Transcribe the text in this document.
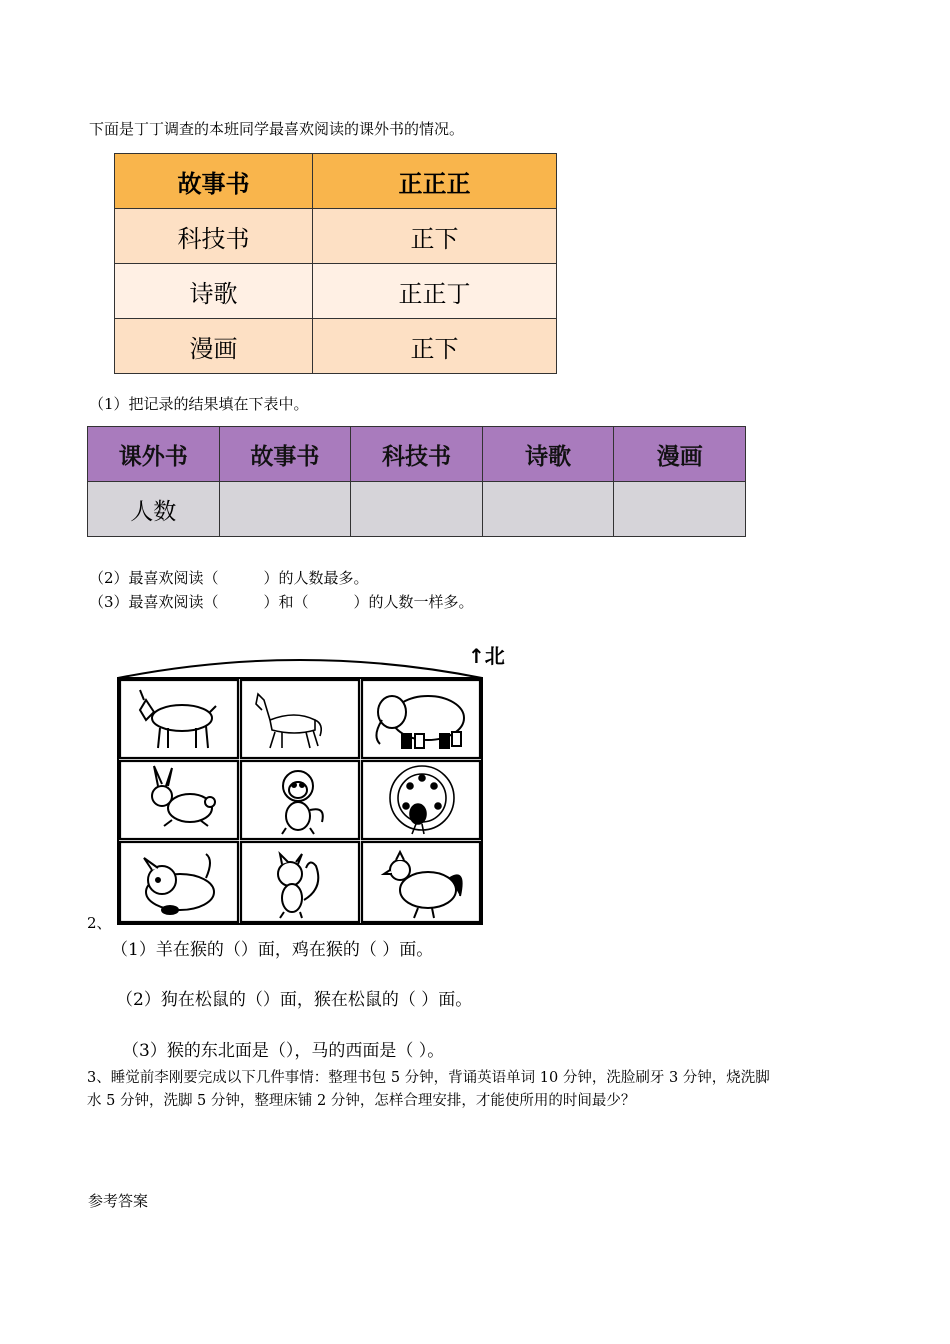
下面是丁丁调查的本班同学最喜欢阅读的课外书的情况。
故事书	正正正
科技书	正下
诗歌	正正丁
漫画	正下
（1）把记录的结果填在下表中。
课外书	故事书	科技书	诗歌	漫画
人数				
（2）最喜欢阅读（　　　）的人数最多。
（3）最喜欢阅读（　　　）和（　　　）的人数一样多。
↑北
2、
（1）羊在猴的（）面，鸡在猴的（ ）面。
（2）狗在松鼠的（）面，猴在松鼠的（ ）面。
（3）猴的东北面是（），马的西面是（ ）。
3、睡觉前李刚要完成以下几件事情：整理书包 5 分钟，背诵英语单词 10 分钟，洗脸刷牙 3 分钟，烧洗脚
水 5 分钟，洗脚 5 分钟，整理床铺 2 分钟，怎样合理安排，才能使所用的时间最少？
参考答案
